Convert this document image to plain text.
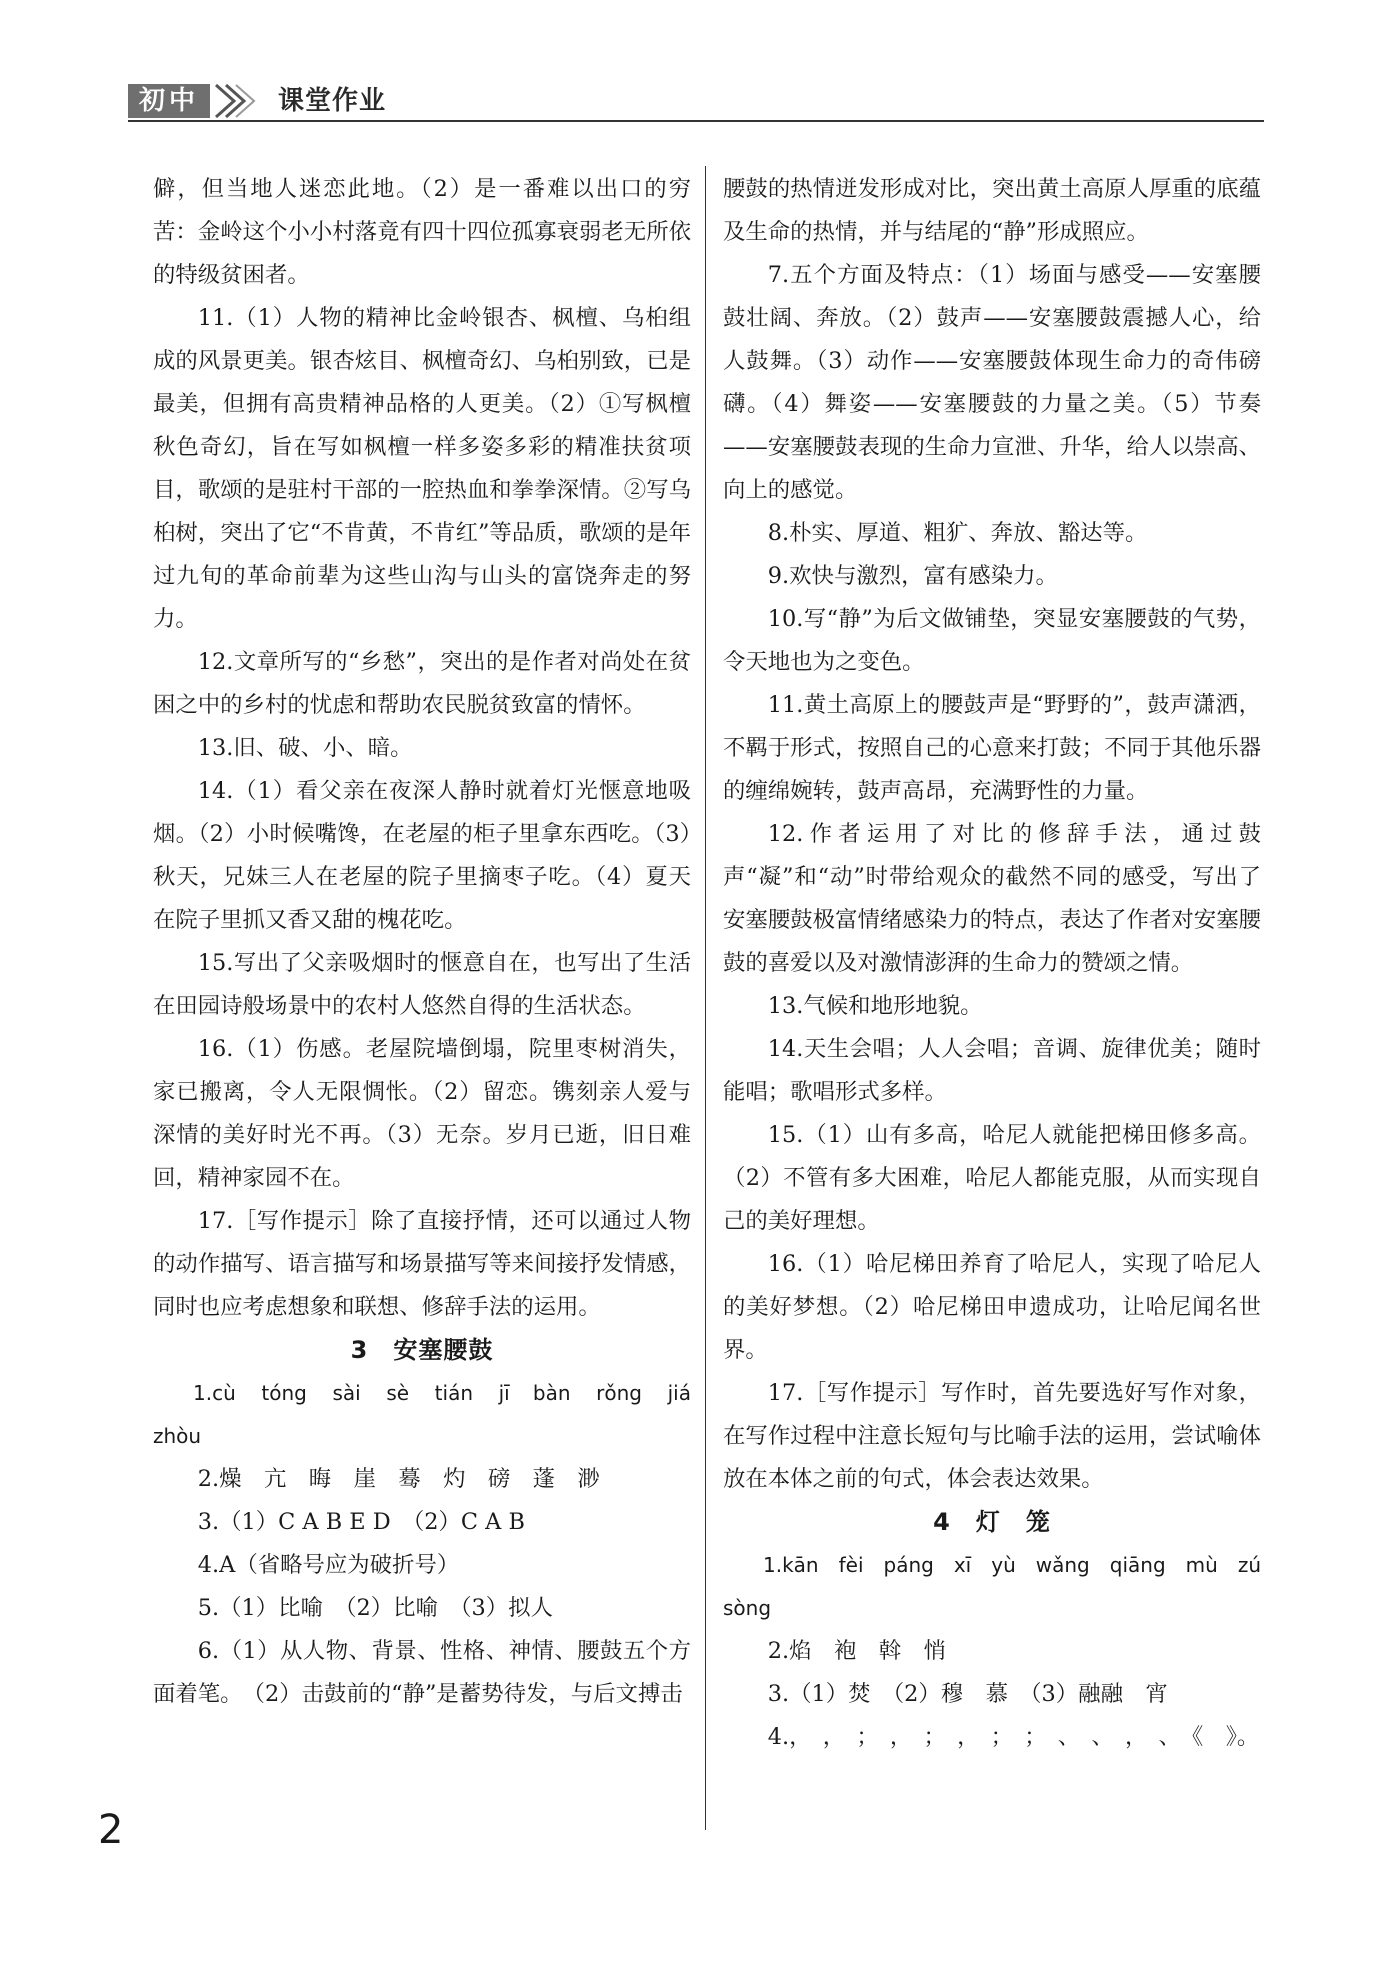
初中	课堂作业

僻，但当地人迷恋此地。（2）是一番难以出口的穷苦：金岭这个小小村落竟有四十四位孤寡衰弱老无所依的特级贫困者。

11.（1）人物的精神比金岭银杏、枫檀、乌桕组成的风景更美。银杏炫目、枫檀奇幻、乌桕别致，已是最美，但拥有高贵精神品格的人更美。（2）①写枫檀秋色奇幻，旨在写如枫檀一样多姿多彩的精准扶贫项目，歌颂的是驻村干部的一腔热血和拳拳深情。②写乌桕树，突出了它“不肯黄，不肯红”等品质，歌颂的是年过九旬的革命前辈为这些山沟与山头的富饶奔走的努力。

12.文章所写的“乡愁”，突出的是作者对尚处在贫困之中的乡村的忧虑和帮助农民脱贫致富的情怀。

13.旧、破、小、暗。

14.（1）看父亲在夜深人静时就着灯光惬意地吸烟。（2）小时候嘴馋，在老屋的柜子里拿东西吃。（3）秋天，兄妹三人在老屋的院子里摘枣子吃。（4）夏天在院子里抓又香又甜的槐花吃。

15.写出了父亲吸烟时的惬意自在，也写出了生活在田园诗般场景中的农村人悠然自得的生活状态。

16.（1）伤感。老屋院墙倒塌，院里枣树消失，家已搬离，令人无限惆怅。（2）留恋。镌刻亲人爱与深情的美好时光不再。（3）无奈。岁月已逝，旧日难回，精神家园不在。

17.［写作提示］除了直接抒情，还可以通过人物的动作描写、语言描写和场景描写等来间接抒发情感，同时也应考虑想象和联想、修辞手法的运用。

3　安塞腰鼓

1.cù　tóng　sài　sè　tián　jī bàn　rǒng　jiá　zhòu

2.燥　亢　晦　崖　蓦　灼　磅　蓬　渺

3.（1）C A B E D　（2）C A B

4.A（省略号应为破折号）

5.（1）比喻　（2）比喻　（3）拟人

6.（1）从人物、背景、性格、神情、腰鼓五个方面着笔。　（2）击鼓前的“静”是蓄势待发，与后文搏击

腰鼓的热情迸发形成对比，突出黄土高原人厚重的底蕴及生命的热情，并与结尾的“静”形成照应。

7.五个方面及特点：（1）场面与感受——安塞腰鼓壮阔、奔放。（2）鼓声——安塞腰鼓震撼人心，给人鼓舞。（3）动作——安塞腰鼓体现生命力的奇伟磅礴。（4）舞姿——安塞腰鼓的力量之美。（5）节奏——安塞腰鼓表现的生命力宣泄、升华，给人以崇高、向上的感觉。

8.朴实、厚道、粗犷、奔放、豁达等。

9.欢快与激烈，富有感染力。

10.写“静”为后文做铺垫，突显安塞腰鼓的气势，令天地也为之变色。

11.黄土高原上的腰鼓声是“野野的”，鼓声潇洒，不羁于形式，按照自己的心意来打鼓；不同于其他乐器的缠绵婉转，鼓声高昂，充满野性的力量。

12.作者运用了对比的修辞手法，通过鼓声“凝”和“动”时带给观众的截然不同的感受，写出了安塞腰鼓极富情绪感染力的特点，表达了作者对安塞腰鼓的喜爱以及对激情澎湃的生命力的赞颂之情。

13.气候和地形地貌。

14.天生会唱；人人会唱；音调、旋律优美；随时能唱；歌唱形式多样。

15.（1）山有多高，哈尼人就能把梯田修多高。（2）不管有多大困难，哈尼人都能克服，从而实现自己的美好理想。

16.（1）哈尼梯田养育了哈尼人，实现了哈尼人的美好梦想。（2）哈尼梯田申遗成功，让哈尼闻名世界。

17.［写作提示］写作时，首先要选好写作对象，在写作过程中注意长短句与比喻手法的运用，尝试喻体放在本体之前的句式，体会表达效果。

4　灯　笼

1.kān　fèi　páng　xī　yù　wǎng　qiāng　mù　zú　sòng

2.焰　袍　斡　悄

3.（1）焚　（2）穆　慕　（3）融融　宵

4.，　，　；　，　；　，　；　；　、　、　，　、　《　》。

2
